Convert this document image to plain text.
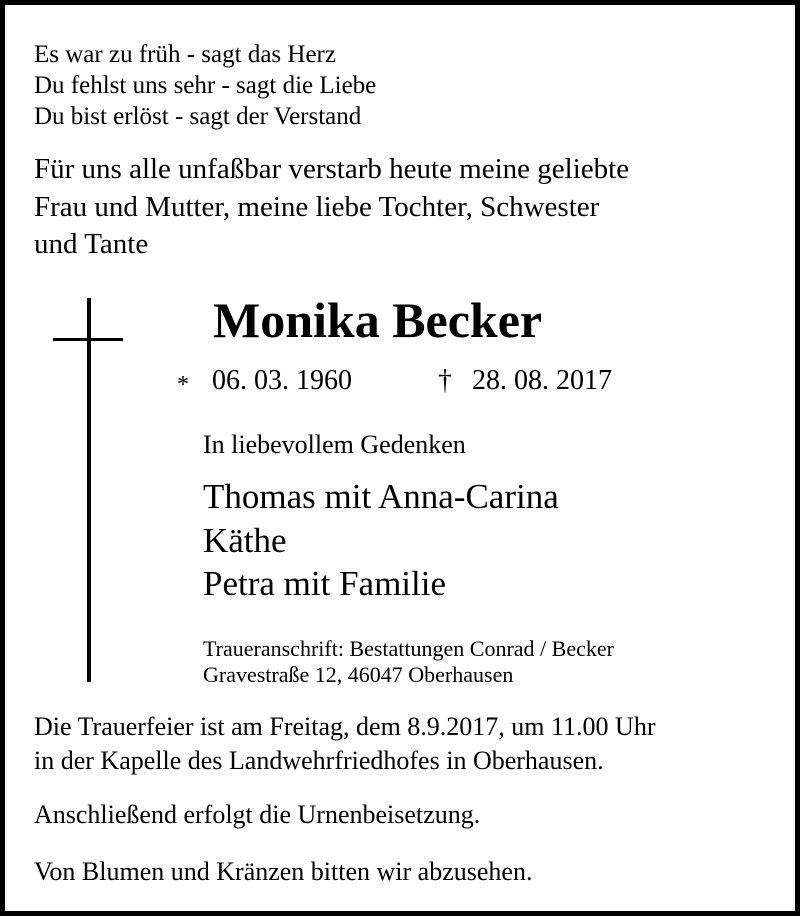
Es war zu früh - sagt das Herz
Du fehlst uns sehr - sagt die Liebe
Du bist erlöst - sagt der Verstand
Für uns alle unfaßbar verstarb heute meine geliebte
Frau und Mutter, meine liebe Tochter, Schwester
und Tante
Monika Becker
* 06. 03. 1960	† 28. 08. 2017
In liebevollem Gedenken
Thomas mit Anna-Carina
Käthe
Petra mit Familie
Traueranschrift: Bestattungen Conrad / Becker
Gravestraße 12, 46047 Oberhausen
Die Trauerfeier ist am Freitag, dem 8.9.2017, um 11.00 Uhr
in der Kapelle des Landwehrfriedhofes in Oberhausen.
Anschließend erfolgt die Urnenbeisetzung.
Von Blumen und Kränzen bitten wir abzusehen.
